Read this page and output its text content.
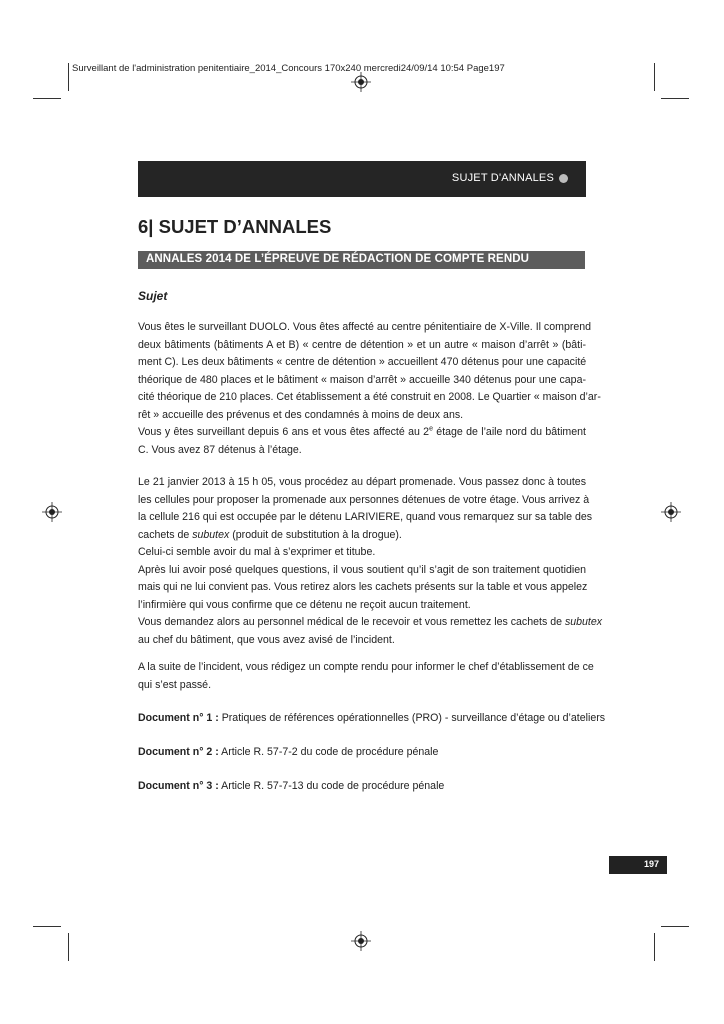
Surveillant de l'administration penitentiaire_2014_Concours 170x240 mercredi24/09/14 10:54 Page197
SUJET D'ANNALES
6| SUJET D’ANNALES
ANNALES 2014 DE L’ÉPREUVE DE RÉDACTION DE COMPTE RENDU
Sujet
Vous êtes le surveillant DUOLO. Vous êtes affecté au centre pénitentiaire de X-Ville. Il comprend
deux bâtiments (bâtiments A et B) « centre de détention » et un autre « maison d’arrêt » (bâti-
ment C). Les deux bâtiments « centre de détention » accueillent 470 détenus pour une capacité
théorique de 480 places et le bâtiment « maison d’arrêt » accueille 340 détenus pour une capa-
cité théorique de 210 places. Cet établissement a été construit en 2008. Le Quartier « maison d’ar-
rêt » accueille des prévenus et des condamnés à moins de deux ans.
Vous y êtes surveillant depuis 6 ans et vous êtes affecté au 2e étage de l’aile nord du bâtiment
C. Vous avez 87 détenus à l’étage.
Le 21 janvier 2013 à 15 h 05, vous procédez au départ promenade. Vous passez donc à toutes
les cellules pour proposer la promenade aux personnes détenues de votre étage. Vous arrivez à
la cellule 216 qui est occupée par le détenu LARIVIERE, quand vous remarquez sur sa table des
cachets de subutex (produit de substitution à la drogue).
Celui-ci semble avoir du mal à s’exprimer et titube.
Après lui avoir posé quelques questions, il vous soutient qu’il s’agit de son traitement quotidien
mais qui ne lui convient pas. Vous retirez alors les cachets présents sur la table et vous appelez
l’infirmière qui vous confirme que ce détenu ne reçoit aucun traitement.
Vous demandez alors au personnel médical de le recevoir et vous remettez les cachets de subutex
au chef du bâtiment, que vous avez avisé de l’incident.
A la suite de l’incident, vous rédigez un compte rendu pour informer le chef d’établissement de ce
qui s’est passé.
Document n° 1 : Pratiques de références opérationnelles (PRO) - surveillance d’étage ou d’ateliers
Document n° 2 : Article R. 57-7-2 du code de procédure pénale
Document n° 3 : Article R. 57-7-13 du code de procédure pénale
197
